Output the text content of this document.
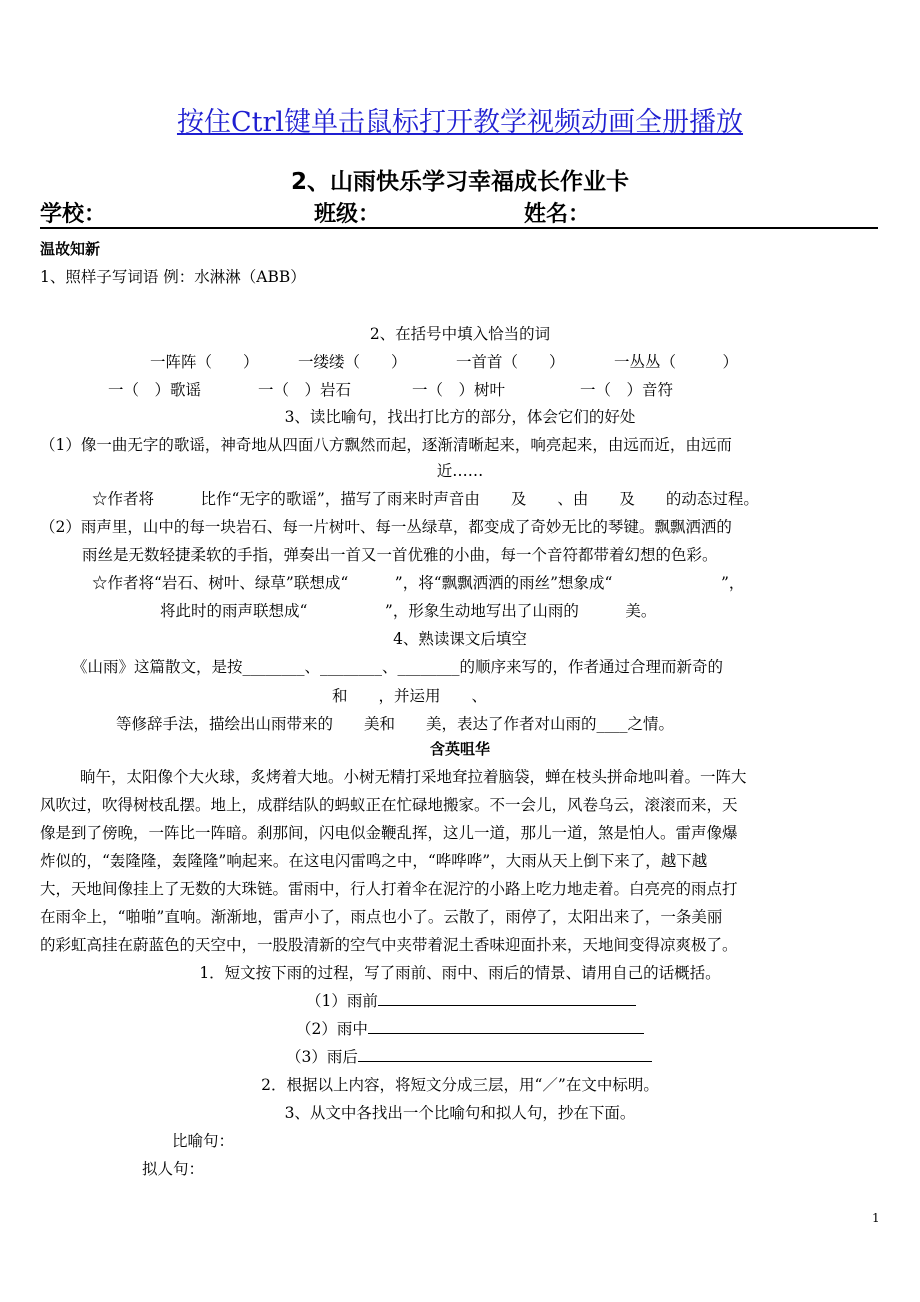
按住Ctrl键单击鼠标打开教学视频动画全册播放
2、山雨快乐学习幸福成长作业卡
学校：	班级：	姓名：
温故知新
1、照样子写词语 例：水淋淋（ABB）
2、在括号中填入恰当的词
一阵阵（　　）	一缕缕（　　）	一首首（　　）	一丛丛（　　　）
一（　）歌谣	一（　）岩石	一（　）树叶	一（　）音符
3、读比喻句，找出打比方的部分，体会它们的好处
（1）像一曲无字的歌谣，神奇地从四面八方飘然而起，逐渐清晰起来，响亮起来，由远而近，由远而
近……
☆作者将　　　比作“无字的歌谣”，描写了雨来时声音由　　及　　、由　　及　　的动态过程。
（2）雨声里，山中的每一块岩石、每一片树叶、每一丛绿草，都变成了奇妙无比的琴键。飘飘洒洒的
雨丝是无数轻捷柔软的手指，弹奏出一首又一首优雅的小曲，每一个音符都带着幻想的色彩。
☆作者将“岩石、树叶、绿草”联想成“　　　”，将“飘飘洒洒的雨丝”想象成“　　　　　　　”，
将此时的雨声联想成“　　　　　”，形象生动地写出了山雨的　　　美。
4、熟读课文后填空
《山雨》这篇散文，是按________、________、________的顺序来写的，作者通过合理而新奇的
和　　，并运用　　、
等修辞手法，描绘出山雨带来的　　美和　　美，表达了作者对山雨的____之情。
含英咀华
晌午，太阳像个大火球，炙烤着大地。小树无精打采地耷拉着脑袋，蝉在枝头拼命地叫着。一阵大
风吹过，吹得树枝乱摆。地上，成群结队的蚂蚁正在忙碌地搬家。不一会儿，风卷乌云，滚滚而来，天
像是到了傍晚，一阵比一阵暗。刹那间，闪电似金鞭乱挥，这儿一道，那儿一道，煞是怕人。雷声像爆
炸似的，“轰隆隆，轰隆隆”响起来。在这电闪雷鸣之中，“哗哗哗”，大雨从天上倒下来了，越下越
大，天地间像挂上了无数的大珠链。雷雨中，行人打着伞在泥泞的小路上吃力地走着。白亮亮的雨点打
在雨伞上，“啪啪”直响。渐渐地，雷声小了，雨点也小了。云散了，雨停了，太阳出来了，一条美丽
的彩虹高挂在蔚蓝色的天空中，一股股清新的空气中夹带着泥土香味迎面扑来，天地间变得凉爽极了。
1．短文按下雨的过程，写了雨前、雨中、雨后的情景、请用自己的话概括。
（1）雨前
（2）雨中
（3）雨后
2．根据以上内容，将短文分成三层，用“／”在文中标明。
3、从文中各找出一个比喻句和拟人句，抄在下面。
比喻句：
拟人句：
1
